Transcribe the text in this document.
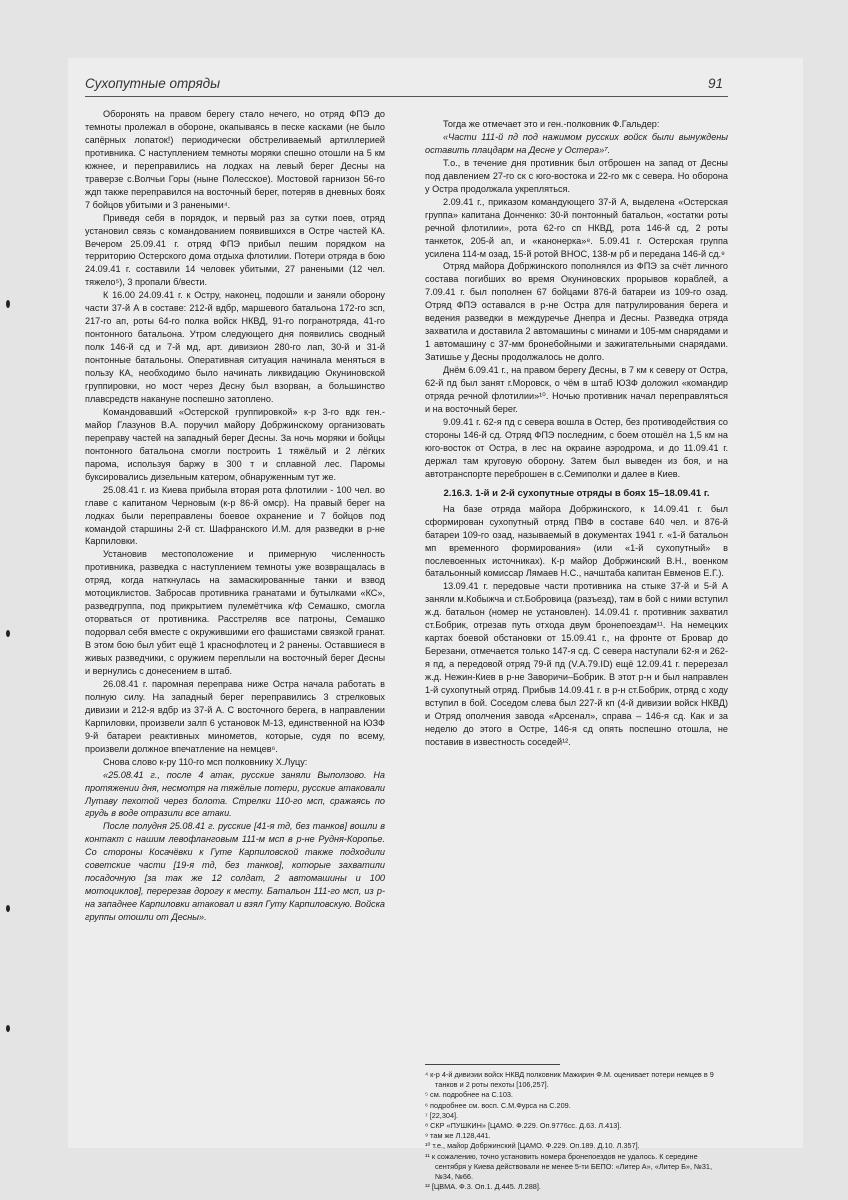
Сухопутные отряды	91

Оборонять на правом берегу стало нечего, но отряд ФПЭ до темноты пролежал в обороне, окапываясь в песке касками (не было сапёрных лопаток!) периодически обстреливаемый артиллерией противника. С наступлением темноты моряки спешно отошли на 5 км южнее, и переправились на лодках на левый берег Десны на траверзе с.Волчьи Горы (ныне Полесское). Мостовой гарнизон 56-го ждп также переправился на восточный берег, потеряв в дневных боях 7 бойцов убитыми и 3 ранеными⁴.

Приведя себя в порядок, и первый раз за сутки поев, отряд установил связь с командованием появившихся в Остре частей КА. Вечером 25.09.41 г. отряд ФПЭ прибыл пешим порядком на территорию Остерского дома отдыха флотилии. Потери отряда в бою 24.09.41 г. составили 14 человек убитыми, 27 ранеными (12 чел. тяжело⁵), 3 пропали б/вести.

К 16.00 24.09.41 г. к Остру, наконец, подошли и заняли оборону части 37-й А в составе: 212-й вдбр, маршевого батальона 172-го зсп, 217-го ап, роты 64-го полка войск НКВД, 91-го погранотряда, 41-го понтонного батальона. Утром следующего дня появились сводный полк 146-й сд и 7-й мд, арт. дивизион 280-го лап, 30-й и 31-й понтонные батальоны. Оперативная ситуация начинала меняться в пользу КА, необходимо было начинать ликвидацию Окуниновской группировки, но мост через Десну был взорван, а большинство плавсредств накануне поспешно затоплено.

Командовавший «Остерской группировкой» к-р 3-го вдк ген.-майор Глазунов В.А. поручил майору Добржинскому организовать переправу частей на западный берег Десны. За ночь моряки и бойцы понтонного батальона смогли построить 1 тяжёлый и 2 лёгких парома, используя баржу в 300 т и сплавной лес. Паромы буксировались дизельным катером, обнаруженным тут же.

25.08.41 г. из Киева прибыла вторая рота флотилии - 100 чел. во главе с капитаном Черновым (к-р 86-й омср). На правый берег на лодках были переправлены боевое охранение и 7 бойцов под командой старшины 2-й ст. Шафранского И.М. для разведки в р-не Карпиловки.

Установив местоположение и примерную численность противника, разведка с наступлением темноты уже возвращалась в отряд, когда наткнулась на замаскированные танки и взвод мотоциклистов. Забросав противника гранатами и бутылками «КС», разведгруппа, под прикрытием пулемётчика к/ф Семашко, смогла оторваться от противника. Расстреляв все патроны, Семашко подорвал себя вместе с окружившими его фашистами связкой гранат. В этом бою был убит ещё 1 краснофлотец и 2 ранены. Оставшиеся в живых разведчики, с оружием переплыли на восточный берег Десны и вернулись с донесением в штаб.

26.08.41 г. паромная переправа ниже Остра начала работать в полную силу. На западный берег переправились 3 стрелковых дивизии и 212-я вдбр из 37-й А. С восточного берега, в направлении Карпиловки, произвели залп 6 установок М-13, единственной на ЮЗФ 9-й батареи реактивных минометов, которые, судя по всему, произвели должное впечатление на немцев⁶.

Снова слово к-ру 110-го мсп полковнику Х.Луцу:

«25.08.41 г., после 4 атак, русские заняли Выползово. На протяжении дня, несмотря на тяжёлые потери, русские атаковали Лутаву пехотой через болота. Стрелки 110-го мсп, сражаясь по грудь в воде отразили все атаки.

После полудня 25.08.41 г. русские [41-я тд, без танков] вошли в контакт с нашим левофланговым 111-м мсп в р-не Рудня-Коропье. Со стороны Косачёвки к Гуте Карпиловской также подходили советские части [19-я тд, без танков], которые захватили посадочную [за так же 12 солдат, 2 автомашины и 100 мотоциклов], перерезав дорогу к месту. Батальон 111-го мсп, из р-на западнее Карпиловки атаковал и взял Гуту Карпиловскую. Войска группы отошли от Десны».

Тогда же отмечает это и ген.-полковник Ф.Гальдер:

«Части 111-й пд под нажимом русских войск были вынуждены оставить плацдарм на Десне у Остера»⁷.

Т.о., в течение дня противник был отброшен на запад от Десны под давлением 27-го ск с юго-востока и 22-го мк с севера. Но оборона у Остра продолжала укрепляться.

2.09.41 г., приказом командующего 37-й А, выделена «Остерская группа» капитана Донченко: 30-й понтонный батальон, «остатки роты речной флотилии», рота 62-го сп НКВД, рота 146-й сд, 2 роты танкеток, 205-й ап, и «канонерка»⁸. 5.09.41 г. Остерская группа усилена 114-м озад, 15-й ротой ВНОС, 138-м рб и передана 146-й сд.⁹

Отряд майора Добржинского пополнялся из ФПЭ за счёт личного состава погибших во время Окуниновских прорывов кораблей, а 7.09.41 г. был пополнен 67 бойцами 876-й батареи из 109-го озад. Отряд ФПЭ оставался в р-не Остра для патрулирования берега и ведения разведки в междуречье Днепра и Десны. Разведка отряда захватила и доставила 2 автомашины с минами и 105-мм снарядами и 1 автомашину с 37-мм бронебойными и зажигательными снарядами. Затишье у Десны продолжалось не долго.

Днём 6.09.41 г., на правом берегу Десны, в 7 км к северу от Остра, 62-й пд был занят г.Моровск, о чём в штаб ЮЗФ доложил «командир отряда речной флотилии»¹⁰. Ночью противник начал переправляться и на восточный берег.

9.09.41 г. 62-я пд с севера вошла в Остер, без противодействия со стороны 146-й сд. Отряд ФПЭ последним, с боем отошёл на 1,5 км на юго-восток от Остра, в лес на окраине аэродрома, и до 11.09.41 г. держал там круговую оборону. Затем был выведен из боя, и на автотранспорте переброшен в с.Семиполки и далее в Киев.

2.16.3. 1-й и 2-й сухопутные отряды в боях 15–18.09.41 г.

На базе отряда майора Добржинского, к 14.09.41 г. был сформирован сухопутный отряд ПВФ в составе 640 чел. и 876-й батареи 109-го озад, называемый в документах 1941 г. «1-й батальон мп временного формирования» (или «1-й сухопутный» в послевоенных источниках). К-р майор Добржинский В.Н., военком батальонный комиссар Лямаев Н.С., начштаба капитан Евменов Е.Г.).

13.09.41 г. передовые части противника на стыке 37-й и 5-й А заняли м.Кобыжча и ст.Бобровица (разъезд), там в бой с ними вступил ж.д. батальон (номер не установлен). 14.09.41 г. противник захватил ст.Бобрик, отрезав путь отхода двум бронепоездам¹¹. На немецких картах боевой обстановки от 15.09.41 г., на фронте от Бровар до Березани, отмечается только 147-я сд. С севера наступали 62-я и 262-я пд, а передовой отряд 79-й пд (V.A.79.ID) ещё 12.09.41 г. перерезал ж.д. Нежин-Киев в р-не Заворичи–Бобрик. В этот р-н и был направлен 1-й сухопутный отряд. Прибыв 14.09.41 г. в р-н ст.Бобрик, отряд с ходу вступил в бой. Соседом слева был 227-й кп (4-й дивизии войск НКВД) и Отряд ополчения завода «Арсенал», справа – 146-я сд. Как и за неделю до этого в Остре, 146-я сд опять поспешно отошла, не поставив в известность соседей¹².

⁴ к-р 4-й дивизии войск НКВД полковник Мажирин Ф.М. оценивает потери немцев в 9 танков и 2 роты пехоты [106,257].
⁵ см. подробнее на С.103.
⁶ подробнее см. восп. С.М.Фурса на С.209.
⁷ [22,304].
⁸ СКР «ПУШКИН» [ЦАМО. Ф.229. Оп.9776сс. Д.63. Л.413].
⁹ там же Л.128,441.
¹⁰ т.е., майор Добржинский [ЦАМО. Ф.229. Оп.189. Д.10. Л.357].
¹¹ к сожалению, точно установить номера бронепоездов не удалось. К середине сентября у Киева действовали не менее 5-ти БЕПО: «Литер А», «Литер Б», №31, №34, №66.
¹² [ЦВМА. Ф.3. Оп.1. Д.445. Л.288].
